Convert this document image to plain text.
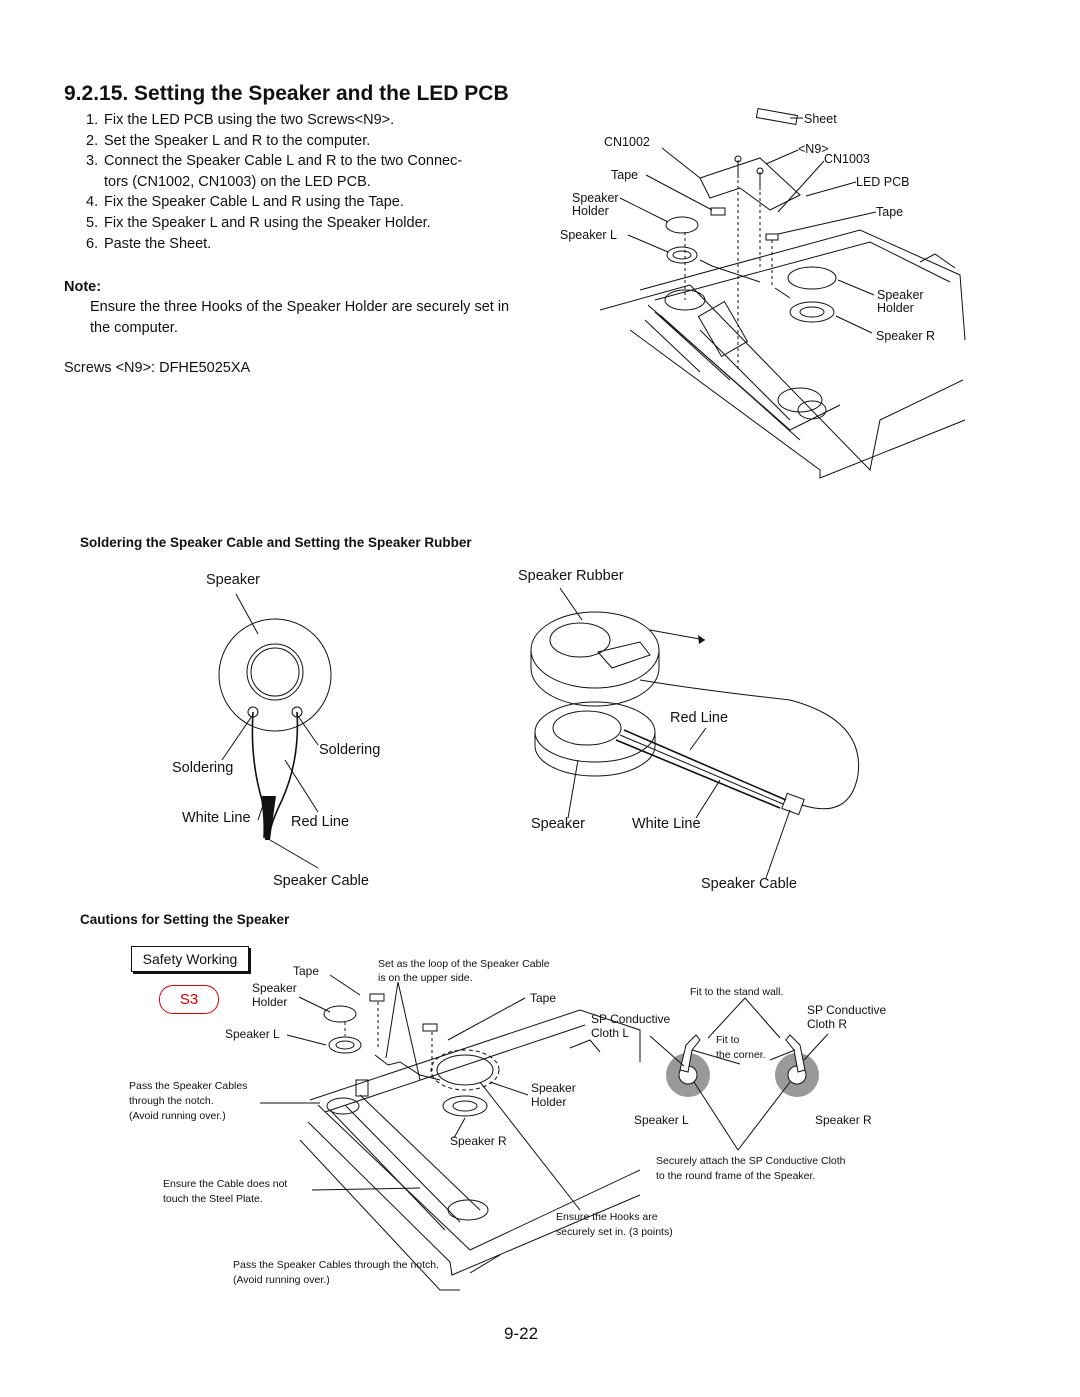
9.2.15. Setting the Speaker and the LED PCB
1. Fix the LED PCB using the two Screws<N9>.
2. Set the Speaker L and R to the computer.
3. Connect the Speaker Cable L and R to the two Connec-
tors (CN1002, CN1003) on the LED PCB.
4. Fix the Speaker Cable L and R using the Tape.
5. Fix the Speaker L and R using the Speaker Holder.
6. Paste the Sheet.
Note:
Ensure the three Hooks of the Speaker Holder are securely set in the computer.
Screws <N9>: DFHE5025XA
Sheet
CN1002	<N9>
CN1003
Tape	LED PCB
Speaker
Holder	Tape
Speaker L
Speaker
Holder
Speaker R
Soldering the Speaker Cable and Setting the Speaker Rubber
Speaker
Soldering
Soldering
White Line	Red Line
Speaker Cable
Speaker Rubber
Red Line
Speaker	White Line
Speaker Cable
Cautions for Setting the Speaker
Safety Working
S3
Tape	Set as the loop of the Speaker Cable
is on the upper side.
Speaker
Holder	Tape
Speaker L
Pass the Speaker Cables
through the notch.
(Avoid running over.)
Speaker
Holder
Speaker R
Ensure the Cable does not
touch the Steel Plate.
Ensure the Hooks are
securely set in. (3 points)
Pass the Speaker Cables through the notch.
(Avoid running over.)
Fit to the stand wall.
SP Conductive
Cloth L
SP Conductive
Cloth R
Fit to
the corner.
Speaker L	Speaker R
Securely attach the SP Conductive Cloth
to the round frame of the Speaker.
9-22
